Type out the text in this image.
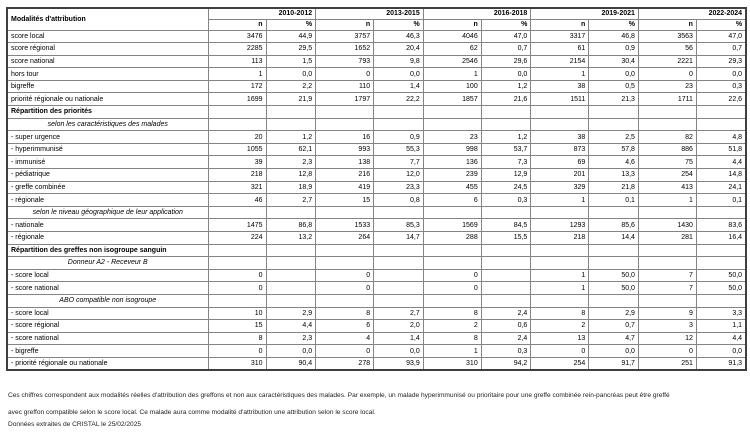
Modalités d'attribution	2010-2012		2013-2015		2016-2018		2019-2021		2022-2024	
	n	%	n	%	n	%	n	%	n	%
score local	3476	44,9	3757	46,3	4046	47,0	3317	46,8	3563	47,0
score régional	2285	29,5	1652	20,4	62	0,7	61	0,9	56	0,7
score national	113	1,5	793	9,8	2546	29,6	2154	30,4	2221	29,3
hors tour	1	0,0	0	0,0	1	0,0	1	0,0	0	0,0
bigreffe	172	2,2	110	1,4	100	1,2	38	0,5	23	0,3
priorité régionale ou nationale	1699	21,9	1797	22,2	1857	21,6	1511	21,3	1711	22,6
Répartition des priorités										
selon les caractéristiques des malades										
- super urgence	20	1,2	16	0,9	23	1,2	38	2,5	82	4,8
- hyperimmunisé	1055	62,1	993	55,3	998	53,7	873	57,8	886	51,8
- immunisé	39	2,3	138	7,7	136	7,3	69	4,6	75	4,4
- pédiatrique	218	12,8	216	12,0	239	12,9	201	13,3	254	14,8
- greffe combinée	321	18,9	419	23,3	455	24,5	329	21,8	413	24,1
- régionale	46	2,7	15	0,8	6	0,3	1	0,1	1	0,1
selon le niveau géographique de leur application										
- nationale	1475	86,8	1533	85,3	1569	84,5	1293	85,6	1430	83,6
- régionale	224	13,2	264	14,7	288	15,5	218	14,4	281	16,4
Répartition des greffes non isogroupe sanguin										
Donneur A2 - Receveur B										
- score local	0		0		0		1	50,0	7	50,0
- score national	0		0		0		1	50,0	7	50,0
ABO compatible non isogroupe										
- score local	10	2,9	8	2,7	8	2,4	8	2,9	9	3,3
- score régional	15	4,4	6	2,0	2	0,6	2	0,7	3	1,1
- score national	8	2,3	4	1,4	8	2,4	13	4,7	12	4,4
- bigreffe	0	0,0	0	0,0	1	0,3	0	0,0	0	0,0
- priorité régionale ou nationale	310	90,4	278	93,9	310	94,2	254	91,7	251	91,3
Ces chiffres correspondent aux modalités réelles d'attribution des greffons et non aux caractéristiques des malades. Par exemple, un malade hyperimmunisé ou prioritaire pour une greffe combinée rein-pancréas peut être greffé
avec greffon compatible selon le score local. Ce malade aura comme modalité d'attribution une attribution selon le score local.
Données extraites de CRISTAL le 25/02/2025
